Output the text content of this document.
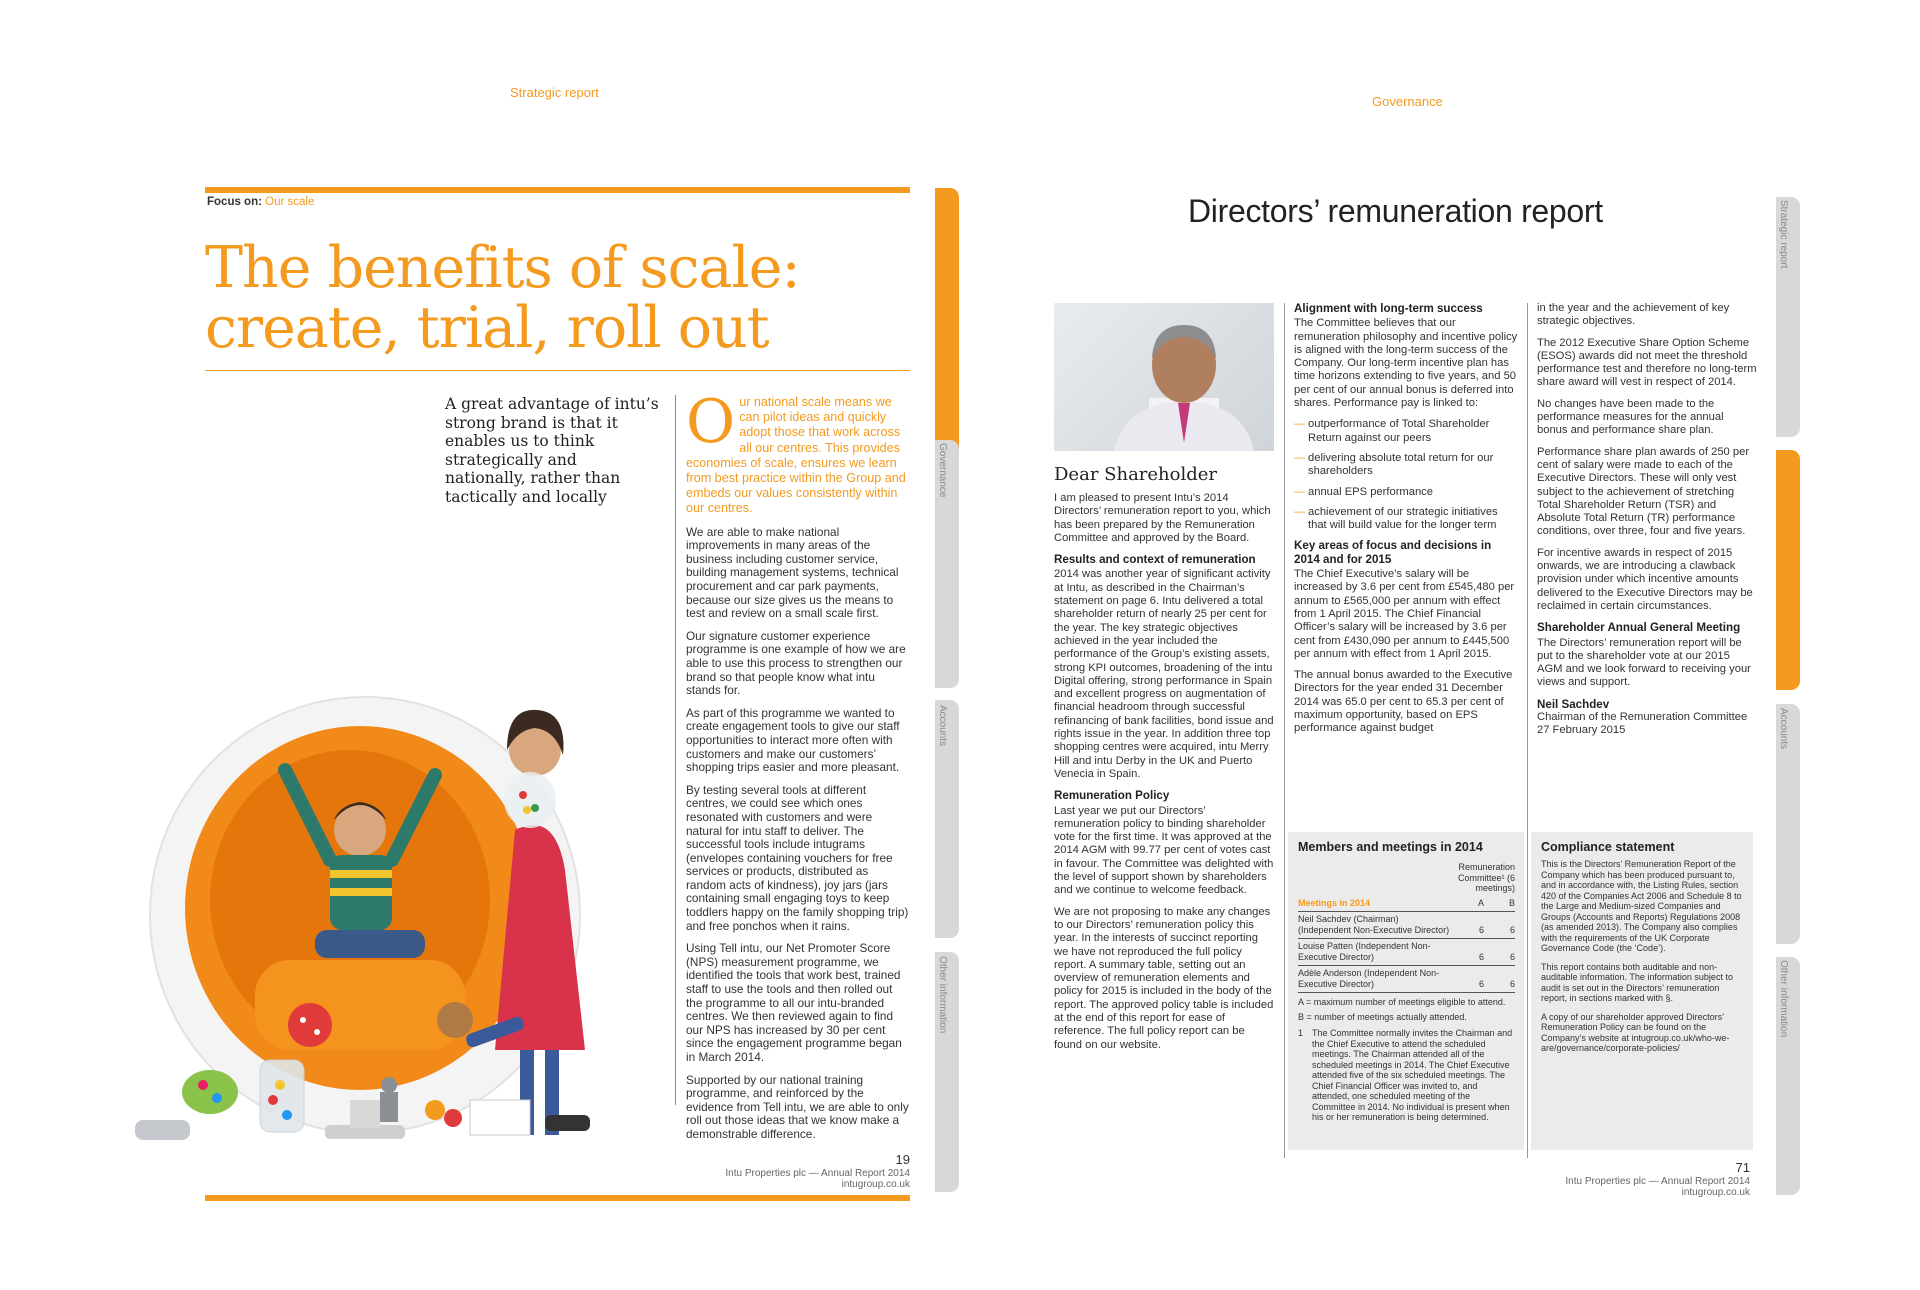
Strategic report
Focus on: Our scale
The benefits of scale:
create, trial, roll out
A great advantage of intu’s strong brand is that it enables us to think strategically and nationally, rather than tactically and locally
Our national scale means we can pilot ideas and quickly adopt those that work across all our centres. This provides economies of scale, ensures we learn from best practice within the Group and embeds our values consistently within our centres.

We are able to make national improvements in many areas of the business including customer service, building management systems, technical procurement and car park payments, because our size gives us the means to test and review on a small scale first.

Our signature customer experience programme is one example of how we are able to use this process to strengthen our brand so that people know what intu stands for.

As part of this programme we wanted to create engagement tools to give our staff opportunities to interact more often with customers and make our customers’ shopping trips easier and more pleasant.

By testing several tools at different centres, we could see which ones resonated with customers and were natural for intu staff to deliver. The successful tools include intugrams (envelopes containing vouchers for free services or products, distributed as random acts of kindness), joy jars (jars containing small engaging toys to keep toddlers happy on the family shopping trip) and free ponchos when it rains.

Using Tell intu, our Net Promoter Score (NPS) measurement programme, we identified the tools that work best, trained staff to use the tools and then rolled out the programme to all our intu-branded centres. We then reviewed again to find our NPS has increased by 30 per cent since the engagement programme began in March 2014.

Supported by our national training programme, and reinforced by the evidence from Tell intu, we are able to only roll out those ideas that we know make a demonstrable difference.

19
Intu Properties plc — Annual Report 2014
intugroup.co.uk
Strategic report
Governance
Accounts
Other information
Governance
Directors’ remuneration report
Dear Shareholder

I am pleased to present Intu’s 2014 Directors’ remuneration report to you, which has been prepared by the Remuneration Committee and approved by the Board.

Results and context of remuneration

2014 was another year of significant activity at Intu, as described in the Chairman’s statement on page 6. Intu delivered a total shareholder return of nearly 25 per cent for the year. The key strategic objectives achieved in the year included the performance of the Group’s existing assets, strong KPI outcomes, broadening of the intu Digital offering, strong performance in Spain and excellent progress on augmentation of financial headroom through successful refinancing of bank facilities, bond issue and rights issue in the year. In addition three top shopping centres were acquired, intu Merry Hill and intu Derby in the UK and Puerto Venecia in Spain.

Remuneration Policy

Last year we put our Directors’ remuneration policy to binding shareholder vote for the first time. It was approved at the 2014 AGM with 99.77 per cent of votes cast in favour. The Committee was delighted with the level of support shown by shareholders and we continue to welcome feedback.

We are not proposing to make any changes to our Directors’ remuneration policy this year. In the interests of succinct reporting we have not reproduced the full policy report. A summary table, setting out an overview of remuneration elements and policy for 2015 is included in the body of the report. The approved policy table is included at the end of this report for ease of reference. The full policy report can be found on our website.

Alignment with long-term success

The Committee believes that our remuneration philosophy and incentive policy is aligned with the long-term success of the Company. Our long-term incentive plan has time horizons extending to five years, and 50 per cent of our annual bonus is deferred into shares. Performance pay is linked to:

— outperformance of Total Shareholder Return against our peers
— delivering absolute total return for our shareholders
— annual EPS performance
— achievement of our strategic initiatives that will build value for the longer term
Key areas of focus and decisions in 2014 and for 2015

The Chief Executive’s salary will be increased by 3.6 per cent from £545,480 per annum to £565,000 per annum with effect from 1 April 2015. The Chief Financial Officer’s salary will be increased by 3.6 per cent from £430,090 per annum to £445,500 per annum with effect from 1 April 2015.

The annual bonus awarded to the Executive Directors for the year ended 31 December 2014 was 65.0 per cent to 65.3 per cent of maximum opportunity, based on EPS performance against budget

in the year and the achievement of key strategic objectives.

The 2012 Executive Share Option Scheme (ESOS) awards did not meet the threshold performance test and therefore no long-term share award will vest in respect of 2014.

No changes have been made to the performance measures for the annual bonus and performance share plan.

Performance share plan awards of 250 per cent of salary were made to each of the Executive Directors. These will only vest subject to the achievement of stretching Total Shareholder Return (TSR) and Absolute Total Return (TR) performance conditions, over three, four and five years.

For incentive awards in respect of 2015 onwards, we are introducing a clawback provision under which incentive amounts delivered to the Executive Directors may be reclaimed in certain circumstances.

Shareholder Annual General Meeting

The Directors’ remuneration report will be put to the shareholder vote at our 2015 AGM and we look forward to receiving your views and support.

Neil Sachdev
Chairman of the Remuneration Committee
27 February 2015
Members and meetings in 2014
	Remuneration Committee¹ (6 meetings)	
Meetings in 2014	A	B
Neil Sachdev (Chairman) (Independent Non-Executive Director)	6	6
Louise Patten (Independent Non-Executive Director)	6	6
Adèle Anderson (Independent Non-Executive Director)	6	6
A = maximum number of meetings eligible to attend.
B = number of meetings actually attended.
1 The Committee normally invites the Chairman and the Chief Executive to attend the scheduled meetings. The Chairman attended all of the scheduled meetings in 2014. The Chief Executive attended five of the six scheduled meetings. The Chief Financial Officer was invited to, and attended, one scheduled meeting of the Committee in 2014. No individual is present when his or her remuneration is being determined.
Compliance statement
This is the Directors’ Remuneration Report of the Company which has been produced pursuant to, and in accordance with, the Listing Rules, section 420 of the Companies Act 2006 and Schedule 8 to the Large and Medium-sized Companies and Groups (Accounts and Reports) Regulations 2008 (as amended 2013). The Company also complies with the requirements of the UK Corporate Governance Code (the ‘Code’).
This report contains both auditable and non-auditable information. The information subject to audit is set out in the Directors’ remuneration report, in sections marked with §.
A copy of our shareholder approved Directors’ Remuneration Policy can be found on the Company’s website at intugroup.co.uk/who-we-are/governance/corporate-policies/
71
Intu Properties plc — Annual Report 2014
intugroup.co.uk
Strategic report
Governance
Accounts
Other information
